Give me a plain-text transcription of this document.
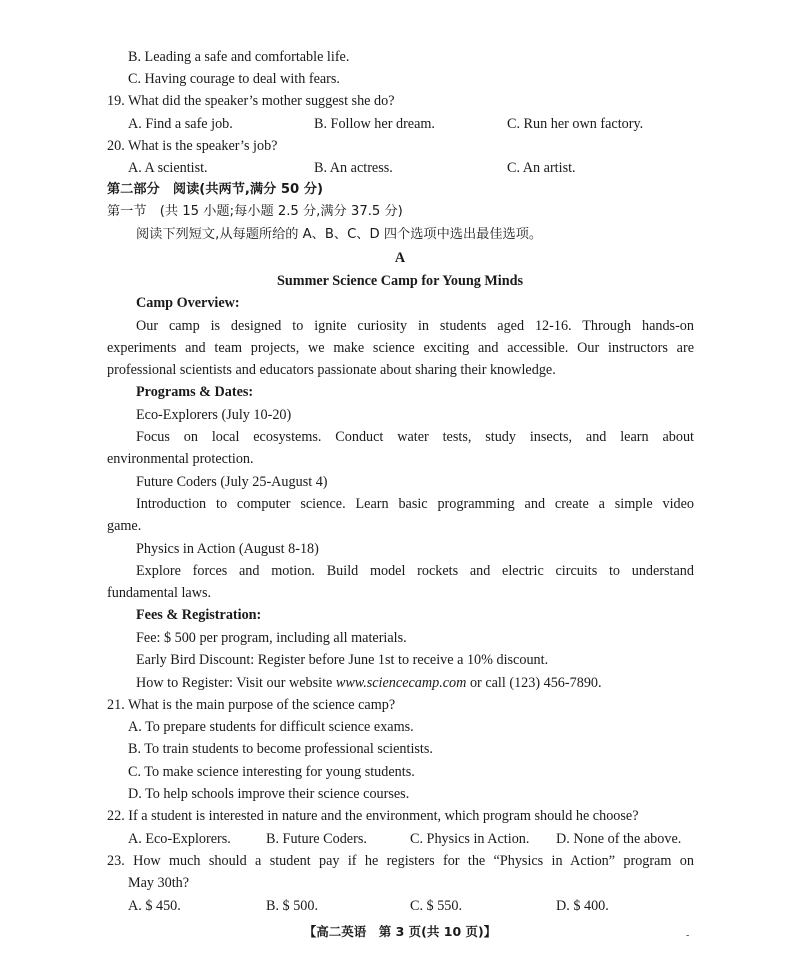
B. Leading a safe and comfortable life.
C. Having courage to deal with fears.
19. What did the speaker’s mother suggest she do?
A. Find a safe job.	B. Follow her dream.	C. Run her own factory.
20. What is the speaker’s job?
A. A scientist.	B. An actress.	C. An artist.
第二部分　阅读(共两节,满分 50 分)
第一节　(共 15 小题;每小题 2.5 分,满分 37.5 分)
阅读下列短文,从每题所给的 A、B、C、D 四个选项中选出最佳选项。
A
Summer Science Camp for Young Minds
Camp Overview:
Our camp is designed to ignite curiosity in students aged 12-16. Through hands-on
experiments and team projects, we make science exciting and accessible. Our instructors are
professional scientists and educators passionate about sharing their knowledge.
Programs & Dates:
Eco-Explorers (July 10-20)
Focus on local ecosystems. Conduct water tests, study insects, and learn about
environmental protection.
Future Coders (July 25-August 4)
Introduction to computer science. Learn basic programming and create a simple video
game.
Physics in Action (August 8-18)
Explore forces and motion. Build model rockets and electric circuits to understand
fundamental laws.
Fees & Registration:
Fee: $ 500 per program, including all materials.
Early Bird Discount: Register before June 1st to receive a 10% discount.
How to Register: Visit our website www.sciencecamp.com or call (123) 456-7890.
21. What is the main purpose of the science camp?
A. To prepare students for difficult science exams.
B. To train students to become professional scientists.
C. To make science interesting for young students.
D. To help schools improve their science courses.
22. If a student is interested in nature and the environment, which program should he choose?
A. Eco-Explorers. B. Future Coders.	C. Physics in Action. D. None of the above.
23. How much should a student pay if he registers for the “Physics in Action” program on
May 30th?
A. $ 450.	B. $ 500.	C. $ 550.	D. $ 400.
【高二英语　第 3 页(共 10 页)】	-
